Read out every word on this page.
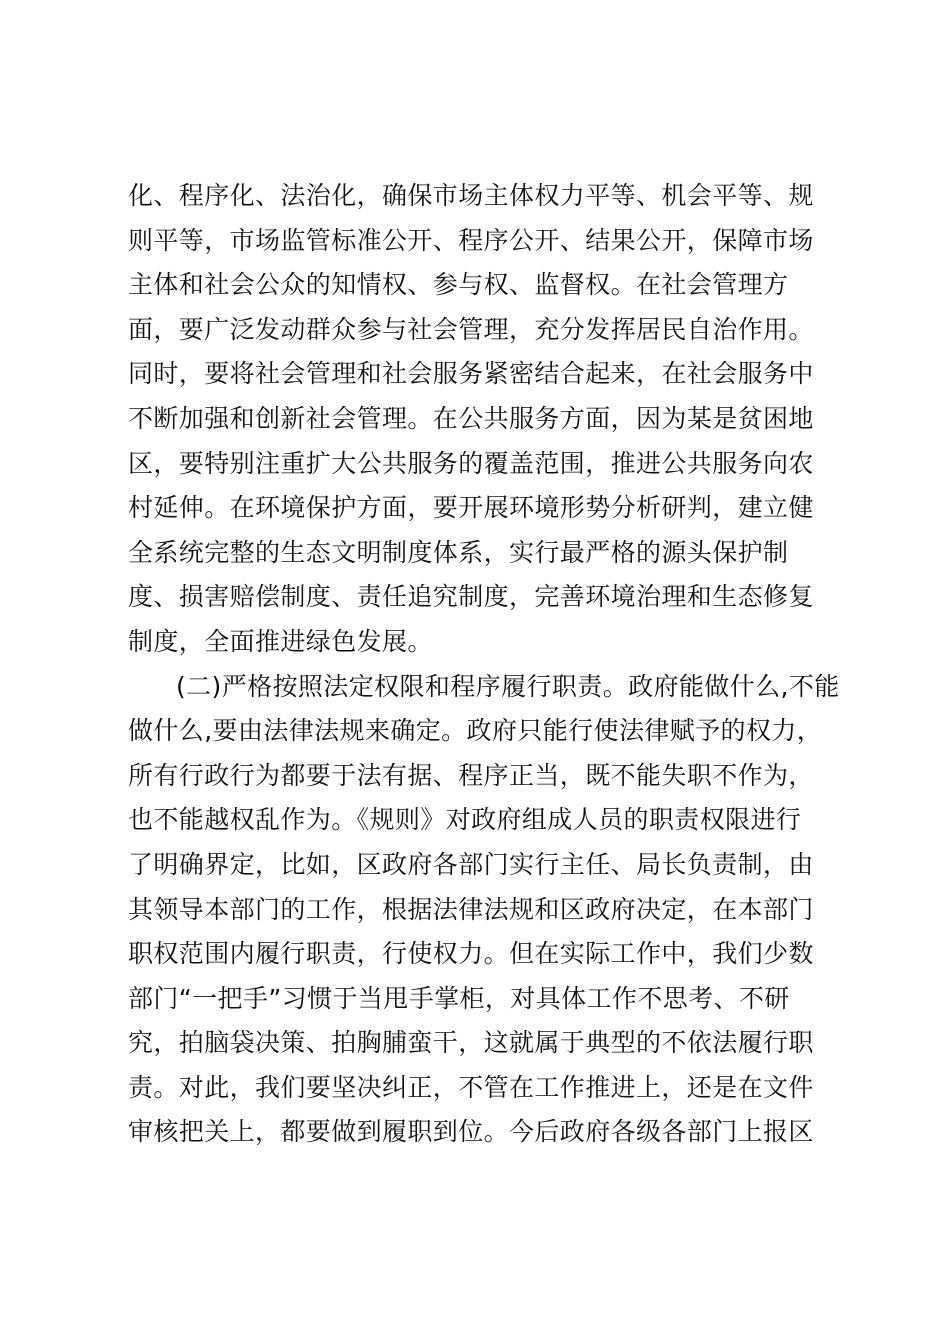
化、程序化、法治化，确保市场主体权力平等、机会平等、规
则平等，市场监管标准公开、程序公开、结果公开，保障市场
主体和社会公众的知情权、参与权、监督权。在社会管理方
面，要广泛发动群众参与社会管理，充分发挥居民自治作用。
同时，要将社会管理和社会服务紧密结合起来，在社会服务中
不断加强和创新社会管理。在公共服务方面，因为某是贫困地
区，要特别注重扩大公共服务的覆盖范围，推进公共服务向农
村延伸。在环境保护方面，要开展环境形势分析研判，建立健
全系统完整的生态文明制度体系，实行最严格的源头保护制
度、损害赔偿制度、责任追究制度，完善环境治理和生态修复
制度，全面推进绿色发展。
(二)严格按照法定权限和程序履行职责。政府能做什么,不能
做什么,要由法律法规来确定。政府只能行使法律赋予的权力，
所有行政行为都要于法有据、程序正当，既不能失职不作为，
也不能越权乱作为。《规则》对政府组成人员的职责权限进行
了明确界定，比如，区政府各部门实行主任、局长负责制，由
其领导本部门的工作，根据法律法规和区政府决定，在本部门
职权范围内履行职责，行使权力。但在实际工作中，我们少数
部门“一把手”习惯于当甩手掌柜，对具体工作不思考、不研
究，拍脑袋决策、拍胸脯蛮干，这就属于典型的不依法履行职
责。对此，我们要坚决纠正，不管在工作推进上，还是在文件
审核把关上，都要做到履职到位。今后政府各级各部门上报区
